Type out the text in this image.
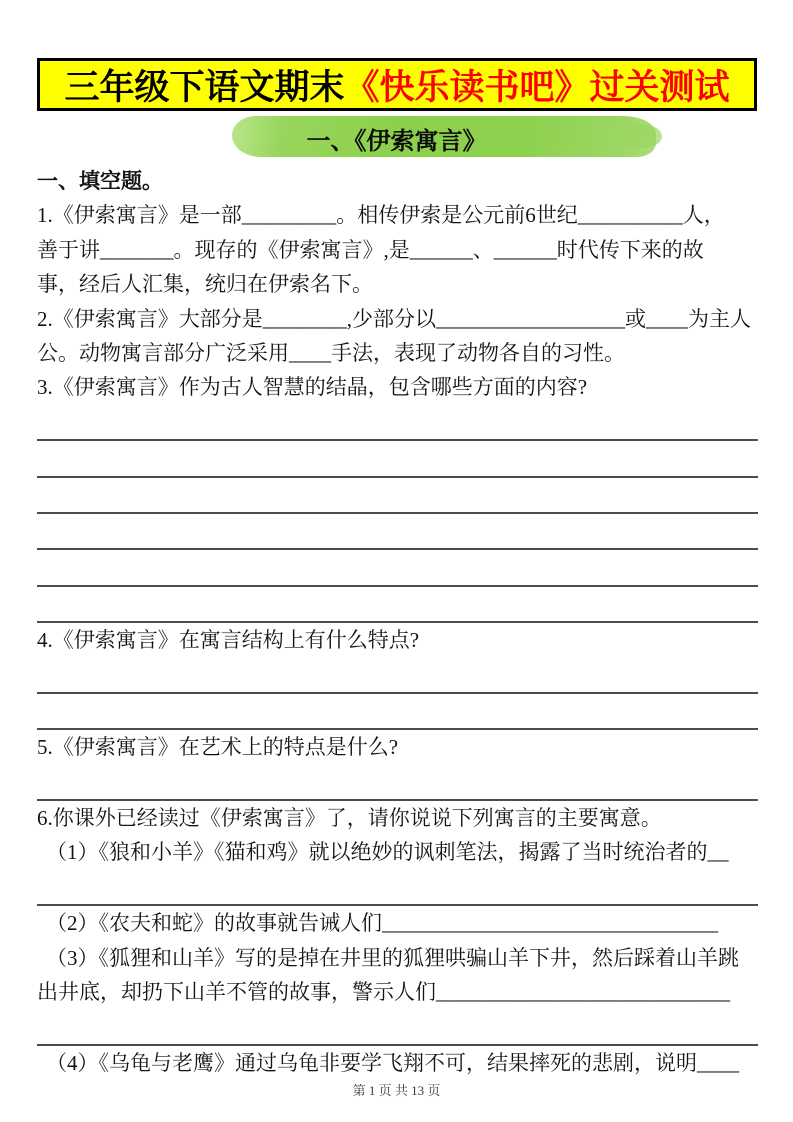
三年级下语文期末 《快乐读书吧》过关测试
一、《伊索寓言》
一、填空题。
1.《伊索寓言》是一部_________。相传伊索是公元前6世纪__________人，
善于讲_______。现存的《伊索寓言》,是______、______时代传下来的故
事，经后人汇集，统归在伊索名下。
2.《伊索寓言》大部分是________,少部分以__________________或____为主人
公。动物寓言部分广泛采用____手法，表现了动物各自的习性。
3.《伊索寓言》作为古人智慧的结晶，包含哪些方面的内容?
4.《伊索寓言》在寓言结构上有什么特点?
5.《伊索寓言》在艺术上的特点是什么?
6.你课外已经读过《伊索寓言》了，请你说说下列寓言的主要寓意。
（1）《狼和小羊》《猫和鸡》就以绝妙的讽刺笔法，揭露了当时统治者的__
（2）《农夫和蛇》的故事就告诫人们________________________________
（3）《狐狸和山羊》写的是掉在井里的狐狸哄骗山羊下井，然后踩着山羊跳
出井底，却扔下山羊不管的故事，警示人们____________________________
（4）《乌龟与老鹰》通过乌龟非要学飞翔不可，结果摔死的悲剧，说明____
第 1 页 共 13 页
